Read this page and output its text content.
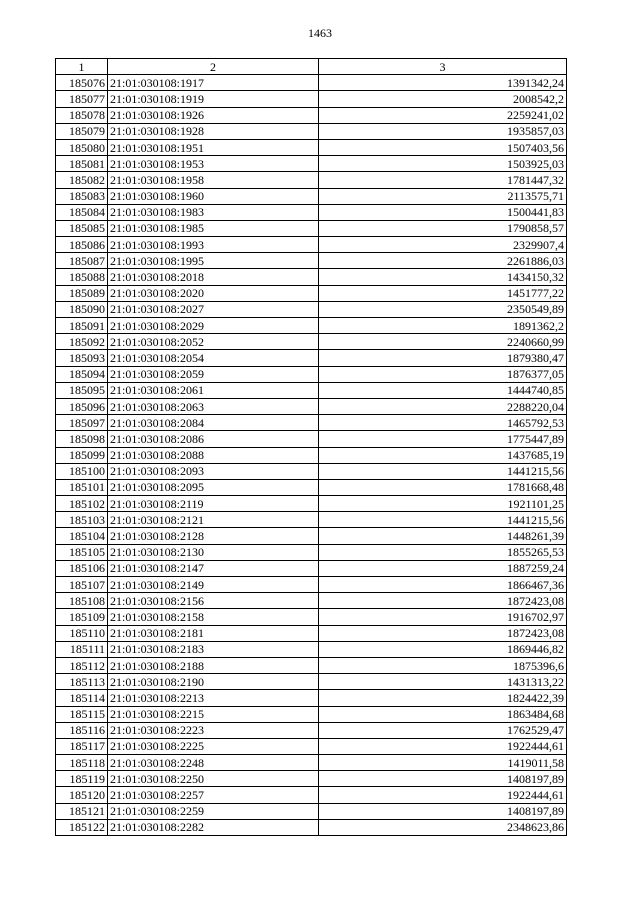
1463
1	2	3
185076	21:01:030108:1917	1391342,24
185077	21:01:030108:1919	2008542,2
185078	21:01:030108:1926	2259241,02
185079	21:01:030108:1928	1935857,03
185080	21:01:030108:1951	1507403,56
185081	21:01:030108:1953	1503925,03
185082	21:01:030108:1958	1781447,32
185083	21:01:030108:1960	2113575,71
185084	21:01:030108:1983	1500441,83
185085	21:01:030108:1985	1790858,57
185086	21:01:030108:1993	2329907,4
185087	21:01:030108:1995	2261886,03
185088	21:01:030108:2018	1434150,32
185089	21:01:030108:2020	1451777,22
185090	21:01:030108:2027	2350549,89
185091	21:01:030108:2029	1891362,2
185092	21:01:030108:2052	2240660,99
185093	21:01:030108:2054	1879380,47
185094	21:01:030108:2059	1876377,05
185095	21:01:030108:2061	1444740,85
185096	21:01:030108:2063	2288220,04
185097	21:01:030108:2084	1465792,53
185098	21:01:030108:2086	1775447,89
185099	21:01:030108:2088	1437685,19
185100	21:01:030108:2093	1441215,56
185101	21:01:030108:2095	1781668,48
185102	21:01:030108:2119	1921101,25
185103	21:01:030108:2121	1441215,56
185104	21:01:030108:2128	1448261,39
185105	21:01:030108:2130	1855265,53
185106	21:01:030108:2147	1887259,24
185107	21:01:030108:2149	1866467,36
185108	21:01:030108:2156	1872423,08
185109	21:01:030108:2158	1916702,97
185110	21:01:030108:2181	1872423,08
185111	21:01:030108:2183	1869446,82
185112	21:01:030108:2188	1875396,6
185113	21:01:030108:2190	1431313,22
185114	21:01:030108:2213	1824422,39
185115	21:01:030108:2215	1863484,68
185116	21:01:030108:2223	1762529,47
185117	21:01:030108:2225	1922444,61
185118	21:01:030108:2248	1419011,58
185119	21:01:030108:2250	1408197,89
185120	21:01:030108:2257	1922444,61
185121	21:01:030108:2259	1408197,89
185122	21:01:030108:2282	2348623,86
